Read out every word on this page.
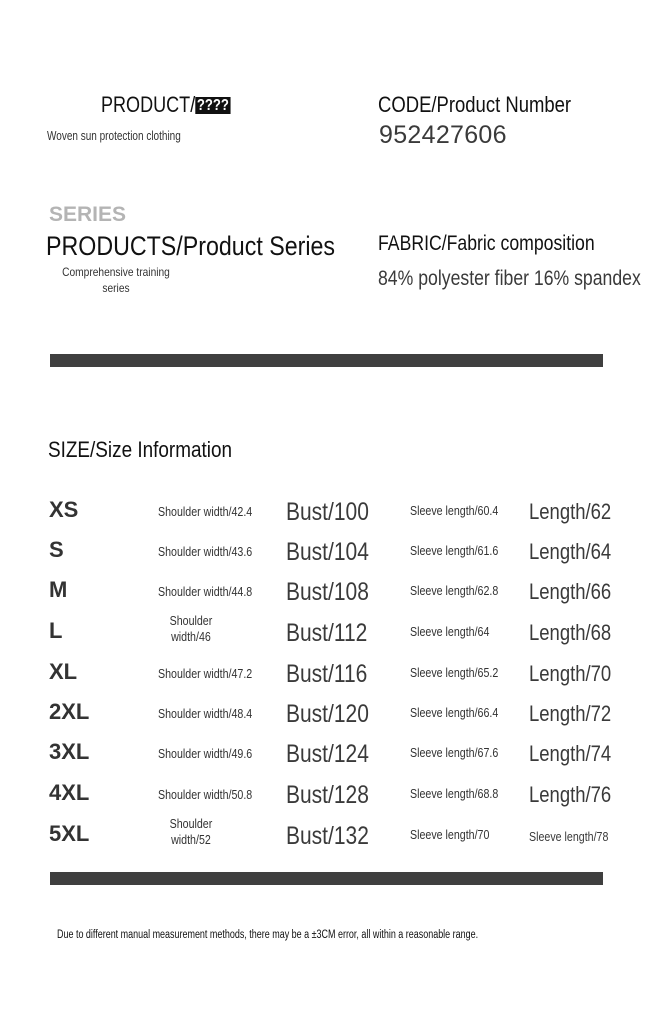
PRODUCT/ ????
Woven sun protection clothing
CODE/Product Number
952427606
SERIES
PRODUCTS/Product Series
Comprehensive training
series
FABRIC/Fabric composition
84% polyester fiber 16% spandex
SIZE/Size Information
XS	Shoulder width/42.4 Bust/100	Sleeve length/60.4 Length/62
S	Shoulder width/43.6 Bust/104	Sleeve length/61.6 Length/64
M	Shoulder width/44.8 Bust/108	Sleeve length/62.8 Length/66
L	Shoulder width/46	Bust/112	Sleeve length/64 Length/68
XL	Shoulder width/47.2 Bust/116	Sleeve length/65.2 Length/70
2XL	Shoulder width/48.4 Bust/120	Sleeve length/66.4 Length/72
3XL	Shoulder width/49.6 Bust/124	Sleeve length/67.6 Length/74
4XL	Shoulder width/50.8 Bust/128	Sleeve length/68.8 Length/76
5XL	Shoulder width/52	Bust/132	Sleeve length/70	Sleeve length/78
Due to different manual measurement methods, there may be a ±3CM error, all within a reasonable range.
